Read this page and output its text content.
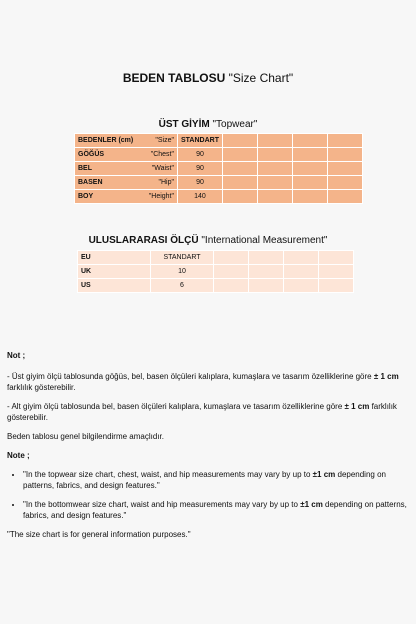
BEDEN TABLOSU "Size Chart"
ÜST GİYİM "Topwear"
BEDENLER (cm) "Size"	STANDART				
GÖĞÜS "Chest"	90				
BEL "Waist"	90				
BASEN "Hip"	90				
BOY "Height"	140				
ULUSLARARASI ÖLÇÜ "International Measurement"
EU	STANDART				
UK	10				
US	6				

Not ;

- Üst giyim ölçü tablosunda göğüs, bel, basen ölçüleri kalıplara, kumaşlara ve tasarım özelliklerine göre ± 1 cm farklılık gösterebilir.

- Alt giyim ölçü tablosunda bel, basen ölçüleri kalıplara, kumaşlara ve tasarım özelliklerine göre ± 1 cm farklılık gösterebilir.

Beden tablosu genel bilgilendirme amaçlıdır.

Note ;

• "In the topwear size chart, chest, waist, and hip measurements may vary by up to ±1 cm depending on patterns, fabrics, and design features."
• "In the bottomwear size chart, waist and hip measurements may vary by up to ±1 cm depending on patterns, fabrics, and design features."

"The size chart is for general information purposes."
